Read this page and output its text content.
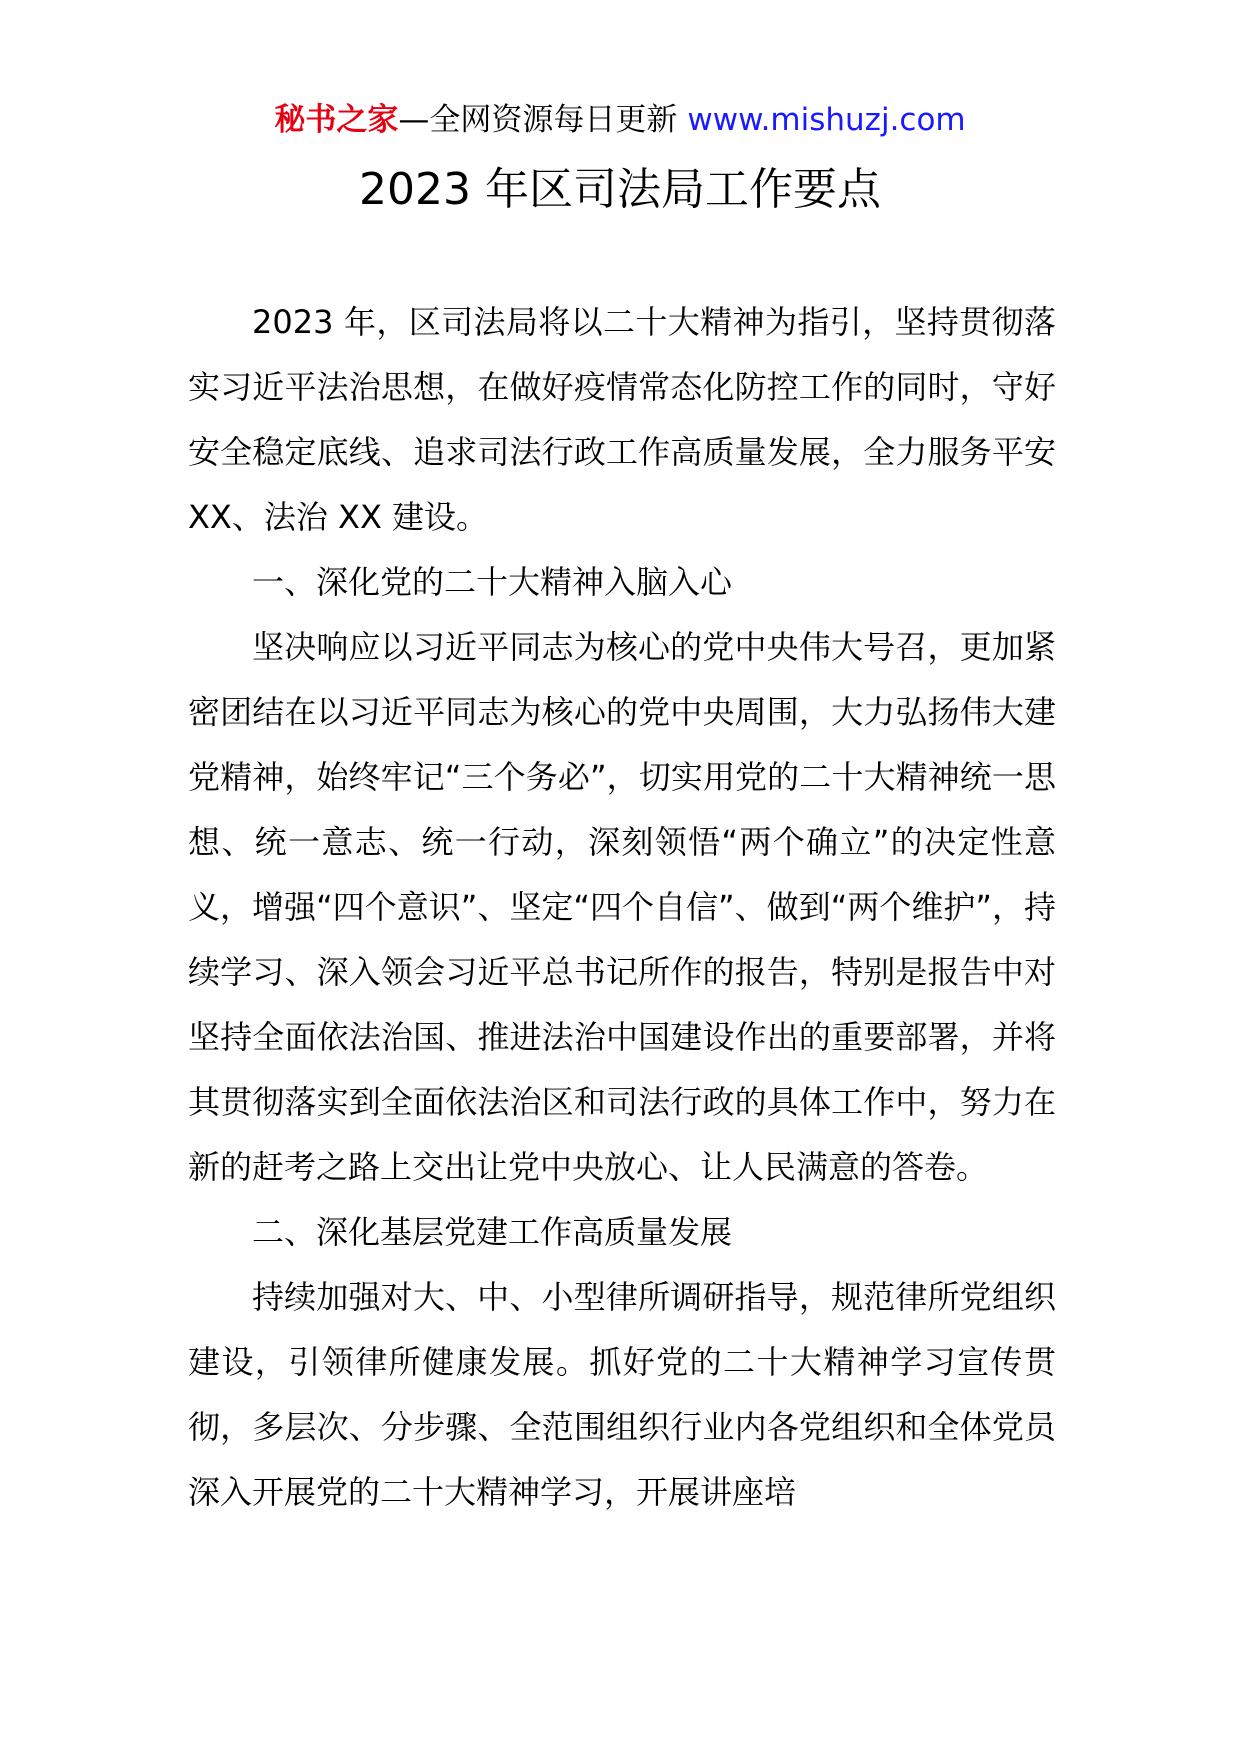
秘书之家—全网资源每日更新 www.mishuzj.com
2023 年区司法局工作要点

2023 年，区司法局将以二十大精神为指引，坚持贯彻落实习近平法治思想，在做好疫情常态化防控工作的同时，守好安全稳定底线、追求司法行政工作高质量发展，全力服务平安 XX、法治 XX 建设。

一、深化党的二十大精神入脑入心

坚决响应以习近平同志为核心的党中央伟大号召，更加紧密团结在以习近平同志为核心的党中央周围，大力弘扬伟大建党精神，始终牢记“三个务必”，切实用党的二十大精神统一思想、统一意志、统一行动，深刻领悟“两个确立”的决定性意义，增强“四个意识”、坚定“四个自信”、做到“两个维护”，持续学习、深入领会习近平总书记所作的报告，特别是报告中对坚持全面依法治国、推进法治中国建设作出的重要部署，并将其贯彻落实到全面依法治区和司法行政的具体工作中，努力在新的赶考之路上交出让党中央放心、让人民满意的答卷。

二、深化基层党建工作高质量发展

持续加强对大、中、小型律所调研指导，规范律所党组织建设，引领律所健康发展。抓好党的二十大精神学习宣传贯彻，多层次、分步骤、全范围组织行业内各党组织和全体党员深入开展党的二十大精神学习，开展讲座培
